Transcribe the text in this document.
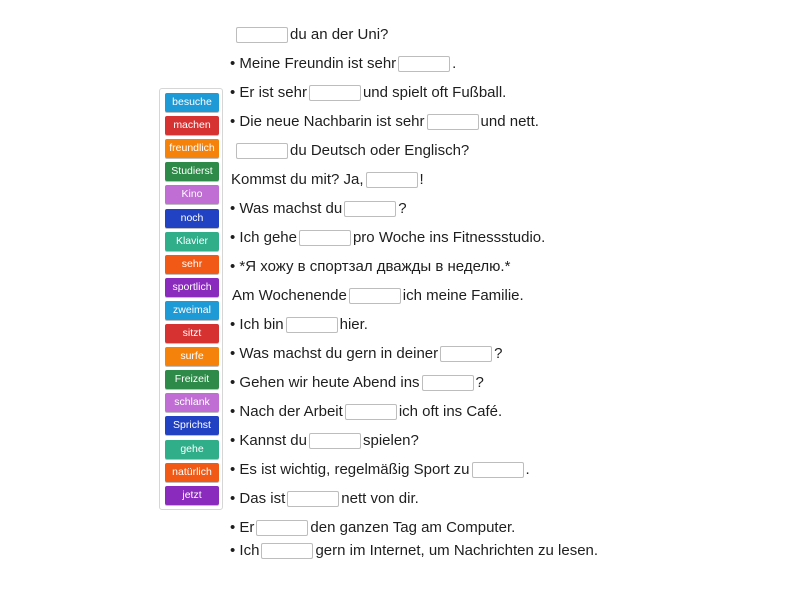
besuche
machen
freundlich
Studierst
Kino
noch
Klavier
sehr
sportlich
zweimal
sitzt
surfe
Freizeit
schlank
Sprichst
gehe
natürlich
jetzt
du an der Uni?
• Meine Freundin ist sehr	.
• Er ist sehr	und spielt oft Fußball.
• Die neue Nachbarin ist sehr	und nett.
du Deutsch oder Englisch?
Kommst du mit? Ja,	!
• Was machst du	?
• Ich gehe	pro Woche ins Fitnessstudio.
• *Я хожу в спортзал дважды в неделю.*
Am Wochenende	ich meine Familie.
• Ich bin	hier.
• Was machst du gern in deiner	?
• Gehen wir heute Abend ins	?
• Nach der Arbeit	ich oft ins Café.
• Kannst du	spielen?
• Es ist wichtig, regelmäßig Sport zu	.
• Das ist	nett von dir.
• Er	den ganzen Tag am Computer.
• Ich	gern im Internet, um Nachrichten zu lesen.
